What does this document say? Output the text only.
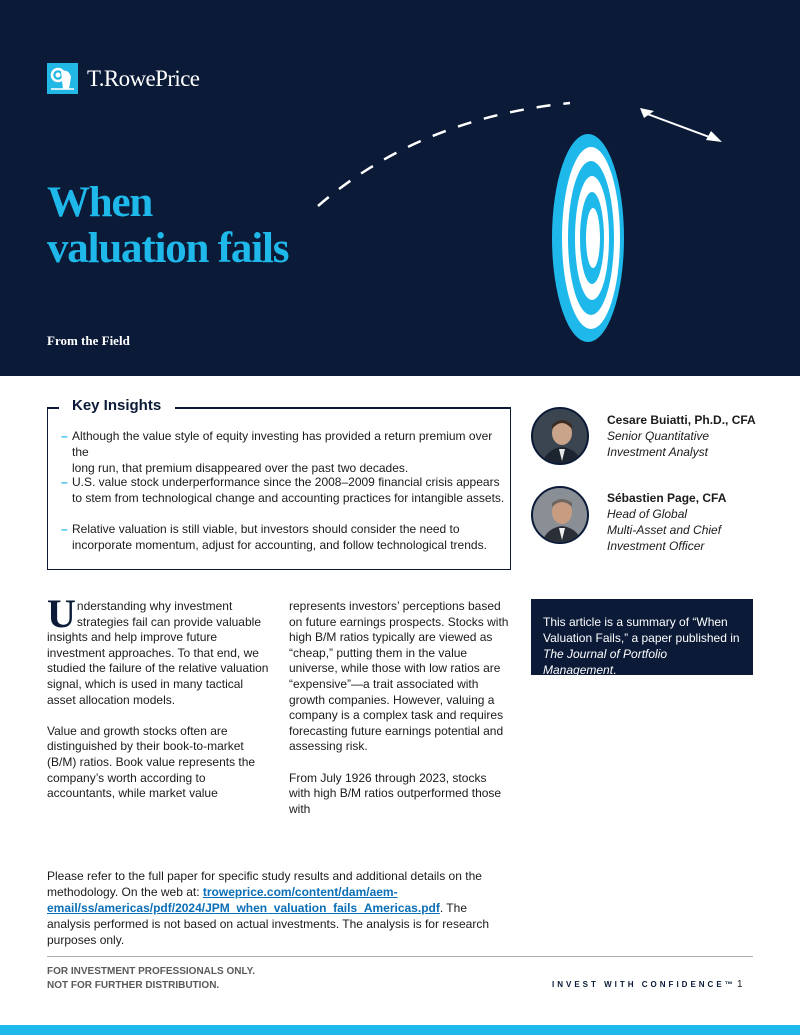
T.RowePrice
When
valuation fails
From the Field
Key Insights
– Although the value style of equity investing has provided a return premium over the
long run, that premium disappeared over the past two decades.
– U.S. value stock underperformance since the 2008–2009 financial crisis appears
to stem from technological change and accounting practices for intangible assets.
– Relative valuation is still viable, but investors should consider the need to
incorporate momentum, adjust for accounting, and follow technological trends.
Cesare Buiatti, Ph.D., CFA
Senior Quantitative
Investment Analyst
Sébastien Page, CFA
Head of Global
Multi-Asset and Chief
Investment Officer

Understanding why investment
strategies fail can provide valuable
insights and help improve future investment approaches. To that end, we studied the failure of the relative valuation signal, which is used in many tactical asset allocation models.

Value and growth stocks often are distinguished by their book-to-market (B/M) ratios. Book value represents the company’s worth according to accountants, while market value

represents investors’ perceptions based on future earnings prospects. Stocks with high B/M ratios typically are viewed as “cheap,” putting them in the value universe, while those with low ratios are “expensive”—a trait associated with growth companies. However, valuing a company is a complex task and requires forecasting future earnings potential and assessing risk.

From July 1926 through 2023, stocks with high B/M ratios outperformed those with

This article is a summary of “When Valuation Fails,” a paper published in The Journal of Portfolio Management.
Please refer to the full paper for specific study results and additional details on the methodology. On the web at: troweprice.com/content/dam/aem-email/ss/americas/pdf/2024/JPM_when_valuation_fails_Americas.pdf. The analysis performed is not based on actual investments. The analysis is for research purposes only.
FOR INVESTMENT PROFESSIONALS ONLY.
NOT FOR FURTHER DISTRIBUTION.	INVEST WITH CONFIDENCE™ 1
